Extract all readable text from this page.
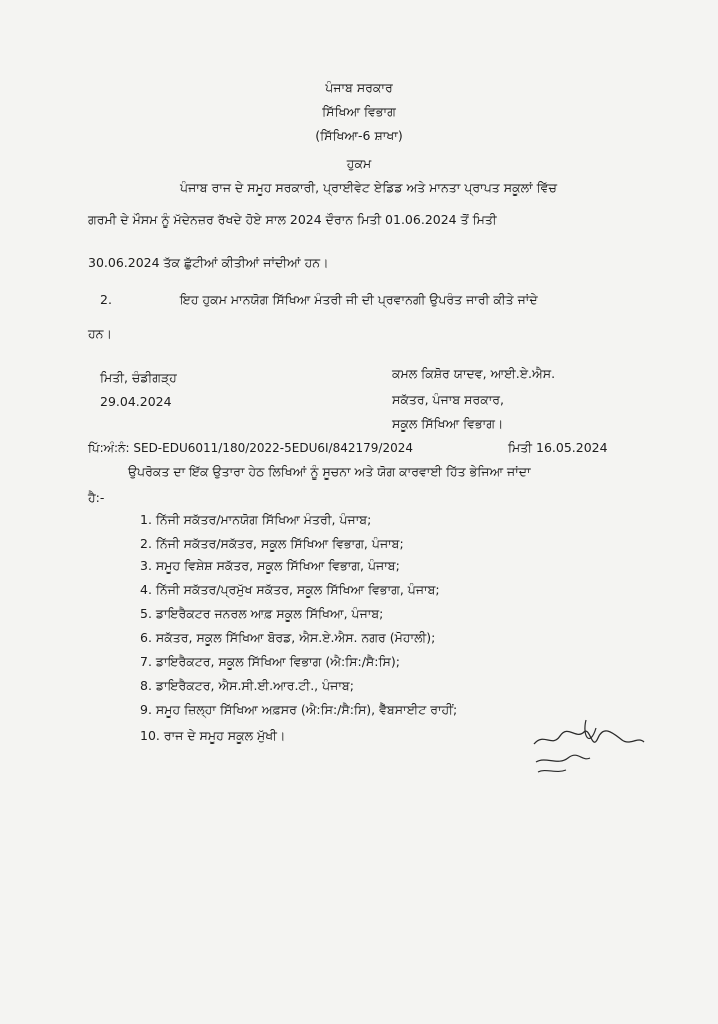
ਪੰਜਾਬ ਸਰਕਾਰ
ਸਿੱਖਿਆ ਵਿਭਾਗ
(ਸਿੱਖਿਆ-6 ਸ਼ਾਖਾ)
ਹੁਕਮ
ਪੰਜਾਬ ਰਾਜ ਦੇ ਸਮੂਹ ਸਰਕਾਰੀ, ਪ੍ਰਾਈਵੇਟ ਏਡਿਡ ਅਤੇ ਮਾਨਤਾ ਪ੍ਰਾਪਤ ਸਕੂਲਾਂ ਵਿੱਚ
ਗਰਮੀ ਦੇ ਮੌਸਮ ਨੂੰ ਮੱਦੇਨਜ਼ਰ ਰੱਖਦੇ ਹੋਏ ਸਾਲ 2024 ਦੌਰਾਨ ਮਿਤੀ 01.06.2024 ਤੋਂ ਮਿਤੀ
30.06.2024 ਤੱਕ ਛੁੱਟੀਆਂ ਕੀਤੀਆਂ ਜਾਂਦੀਆਂ ਹਨ।
2.	ਇਹ ਹੁਕਮ ਮਾਨਯੋਗ ਸਿੱਖਿਆ ਮੰਤਰੀ ਜੀ ਦੀ ਪ੍ਰਵਾਨਗੀ ਉਪਰੰਤ ਜਾਰੀ ਕੀਤੇ ਜਾਂਦੇ
ਹਨ।
ਮਿਤੀ, ਚੰਡੀਗੜ੍ਹ
29.04.2024
ਕਮਲ ਕਿਸ਼ੋਰ ਯਾਦਵ, ਆਈ.ਏ.ਐਸ.
ਸਕੱਤਰ, ਪੰਜਾਬ ਸਰਕਾਰ,
ਸਕੂਲ ਸਿੱਖਿਆ ਵਿਭਾਗ।
ਪਿੱ:ਅੰ:ਨੰ: SED-EDU6011/180/2022-5EDU6I/842179/2024	ਮਿਤੀ 16.05.2024
ਉਪਰੋਕਤ ਦਾ ਇੱਕ ਉਤਾਰਾ ਹੇਠ ਲਿਖਿਆਂ ਨੂੰ ਸੂਚਨਾ ਅਤੇ ਯੋਗ ਕਾਰਵਾਈ ਹਿੱਤ ਭੇਜਿਆ ਜਾਂਦਾ
ਹੈ:-
1. ਨਿੱਜੀ ਸਕੱਤਰ/ਮਾਨਯੋਗ ਸਿੱਖਿਆ ਮੰਤਰੀ, ਪੰਜਾਬ;
2. ਨਿੱਜੀ ਸਕੱਤਰ/ਸਕੱਤਰ, ਸਕੂਲ ਸਿੱਖਿਆ ਵਿਭਾਗ, ਪੰਜਾਬ;
3. ਸਮੂਹ ਵਿਸ਼ੇਸ਼ ਸਕੱਤਰ, ਸਕੂਲ ਸਿੱਖਿਆ ਵਿਭਾਗ, ਪੰਜਾਬ;
4. ਨਿੱਜੀ ਸਕੱਤਰ/ਪ੍ਰਮੁੱਖ ਸਕੱਤਰ, ਸਕੂਲ ਸਿੱਖਿਆ ਵਿਭਾਗ, ਪੰਜਾਬ;
5. ਡਾਇਰੈਕਟਰ ਜਨਰਲ ਆਫ਼ ਸਕੂਲ ਸਿੱਖਿਆ, ਪੰਜਾਬ;
6. ਸਕੱਤਰ, ਸਕੂਲ ਸਿੱਖਿਆ ਬੋਰਡ, ਐਸ.ਏ.ਐਸ. ਨਗਰ (ਮੋਹਾਲੀ);
7. ਡਾਇਰੈਕਟਰ, ਸਕੂਲ ਸਿੱਖਿਆ ਵਿਭਾਗ (ਐ:ਸਿ:/ਸੈ:ਸਿ);
8. ਡਾਇਰੈਕਟਰ, ਐਸ.ਸੀ.ਈ.ਆਰ.ਟੀ., ਪੰਜਾਬ;
9. ਸਮੂਹ ਜ਼ਿਲ੍ਹਾ ਸਿੱਖਿਆ ਅਫ਼ਸਰ (ਐ:ਸਿ:/ਸੈ:ਸਿ), ਵੈੱਬਸਾਈਟ ਰਾਹੀਂ;
10. ਰਾਜ ਦੇ ਸਮੂਹ ਸਕੂਲ ਮੁੱਖੀ।
